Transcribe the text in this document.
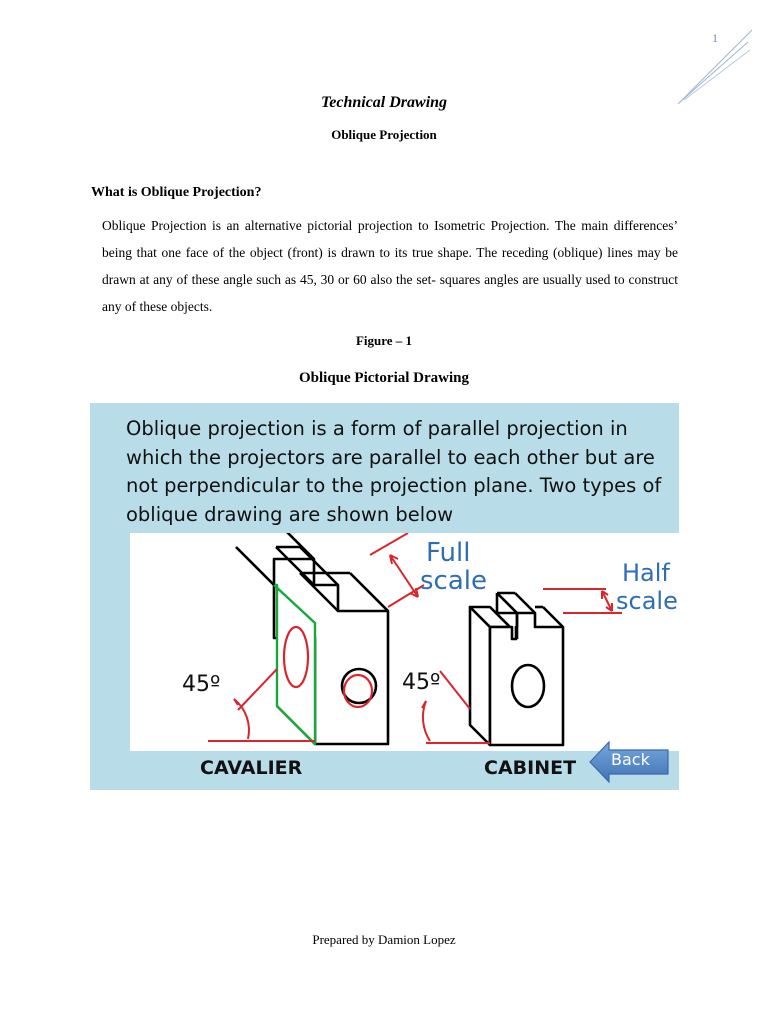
1
Technical Drawing
Oblique Projection
What is Oblique Projection?
Oblique Projection is an alternative pictorial projection to Isometric Projection. The main differences’ being that one face of the object (front) is drawn to its true shape. The receding (oblique) lines may be drawn at any of these angle such as 45, 30 or 60 also the set- squares angles are usually used to construct any of these objects.
Figure – 1
Oblique Pictorial Drawing
Oblique projection is a form of parallel projection in which the projectors are parallel to each other but are not perpendicular to the projection plane. Two types of oblique drawing are shown below
45º
Full
scale
45º
Half
scale
CAVALIER	CABINET Back
Prepared by Damion Lopez
